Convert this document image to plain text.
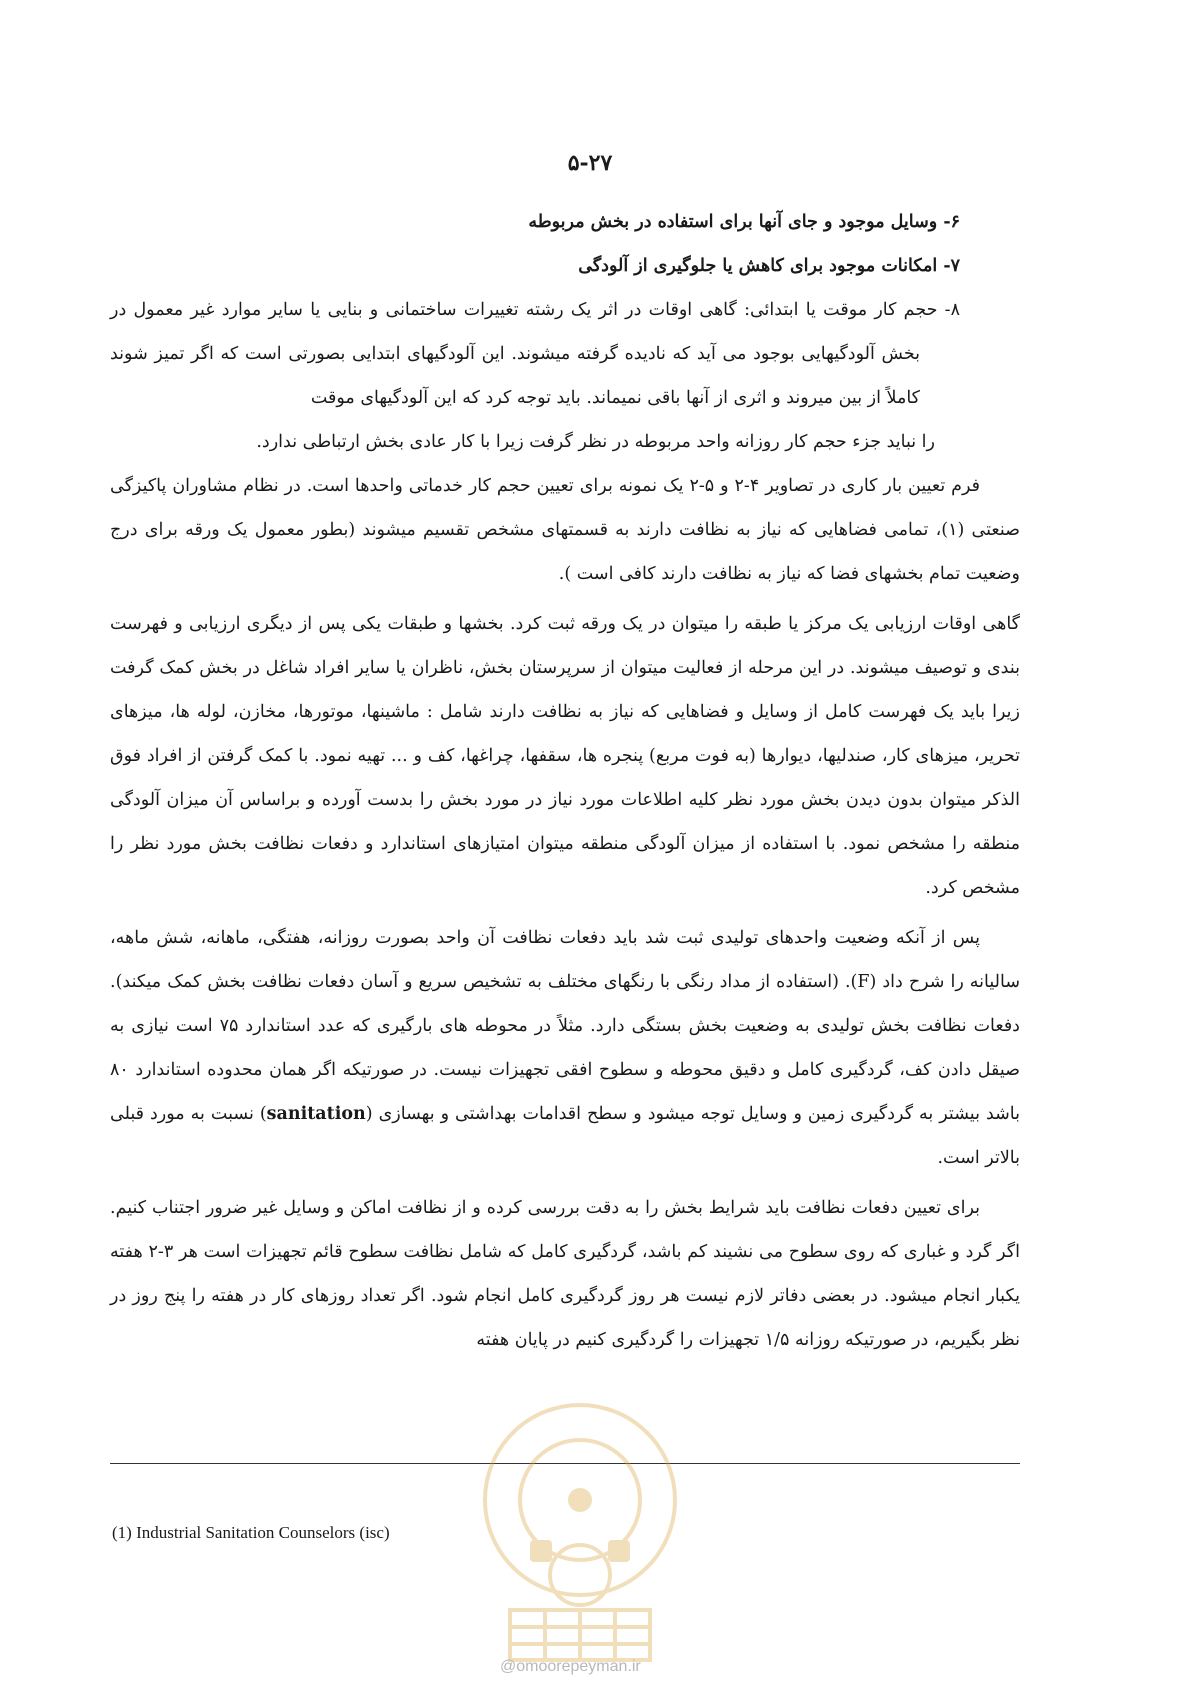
۵-۲۷

۶- وسایل موجود و جای آنها برای استفاده در بخش مربوطه

۷- امکانات موجود برای کاهش یا جلوگیری از آلودگی

۸- حجم کار موقت یا ابتدائی: گاهی اوقات در اثر یک رشته تغییرات ساختمانی و بنایی یا سایر موارد غیر معمول در بخش آلودگیهایی بوجود می آید که نادیده گرفته میشوند. این آلودگیهای ابتدایی بصورتی است که اگر تمیز شوند کاملاً از بین میروند و اثری از آنها باقی نمیماند. باید توجه کرد که این آلودگیهای موقت

را نباید جزء حجم کار روزانه واحد مربوطه در نظر گرفت زیرا با کار عادی بخش ارتباطی ندارد.

فرم تعیین بار کاری در تصاویر ۴-۲ و ۵-۲ یک نمونه برای تعیین حجم کار خدماتی واحدها است. در نظام مشاوران پاکیزگی صنعتی (۱)، تمامی فضاهایی که نیاز به نظافت دارند به قسمتهای مشخص تقسیم میشوند (بطور معمول یک ورقه برای درج وضعیت تمام بخشهای فضا که نیاز به نظافت دارند کافی است ).

گاهی اوقات ارزیابی یک مرکز یا طبقه را میتوان در یک ورقه ثبت کرد. بخشها و طبقات یکی پس از دیگری ارزیابی و فهرست بندی و توصیف میشوند. در این مرحله از فعالیت میتوان از سرپرستان بخش، ناظران یا سایر افراد شاغل در بخش کمک گرفت زیرا باید یک فهرست کامل از وسایل و فضاهایی که نیاز به نظافت دارند شامل : ماشینها، موتورها، مخازن، لوله ها، میزهای تحریر، میزهای کار، صندلیها، دیوارها (به فوت مربع) پنجره ها، سقفها، چراغها، کف و ... تهیه نمود. با کمک گرفتن از افراد فوق الذکر میتوان بدون دیدن بخش مورد نظر کلیه اطلاعات مورد نیاز در مورد بخش را بدست آورده و براساس آن میزان آلودگی منطقه را مشخص نمود. با استفاده از میزان آلودگی منطقه میتوان امتیازهای استاندارد و دفعات نظافت بخش مورد نظر را مشخص کرد.

پس از آنکه وضعیت واحدهای تولیدی ثبت شد باید دفعات نظافت آن واحد بصورت روزانه، هفتگی، ماهانه، شش ماهه، سالیانه را شرح داد (F). (استفاده از مداد رنگی با رنگهای مختلف به تشخیص سریع و آسان دفعات نظافت بخش کمک میکند). دفعات نظافت بخش تولیدی به وضعیت بخش بستگی دارد. مثلاً در محوطه های بارگیری که عدد استاندارد ۷۵ است نیازی به صیقل دادن کف، گردگیری کامل و دقیق محوطه و سطوح افقی تجهیزات نیست. در صورتیکه اگر همان محدوده استاندارد ۸۰ باشد بیشتر به گردگیری زمین و وسایل توجه میشود و سطح اقدامات بهداشتی و بهسازی (sanitation) نسبت به مورد قبلی بالاتر است.

برای تعیین دفعات نظافت باید شرایط بخش را به دقت بررسی کرده و از نظافت اماکن و وسایل غیر ضرور اجتناب کنیم. اگر گرد و غباری که روی سطوح می نشیند کم باشد، گردگیری کامل که شامل نظافت سطوح قائم تجهیزات است هر ۳-۲ هفته یکبار انجام میشود. در بعضی دفاتر لازم نیست هر روز گردگیری کامل انجام شود. اگر تعداد روزهای کار در هفته را پنج روز در نظر بگیریم، در صورتیکه روزانه ۱/۵ تجهیزات را گردگیری کنیم در پایان هفته

(1) Industrial Sanitation Counselors (isc)
@omoorepeyman.ir
